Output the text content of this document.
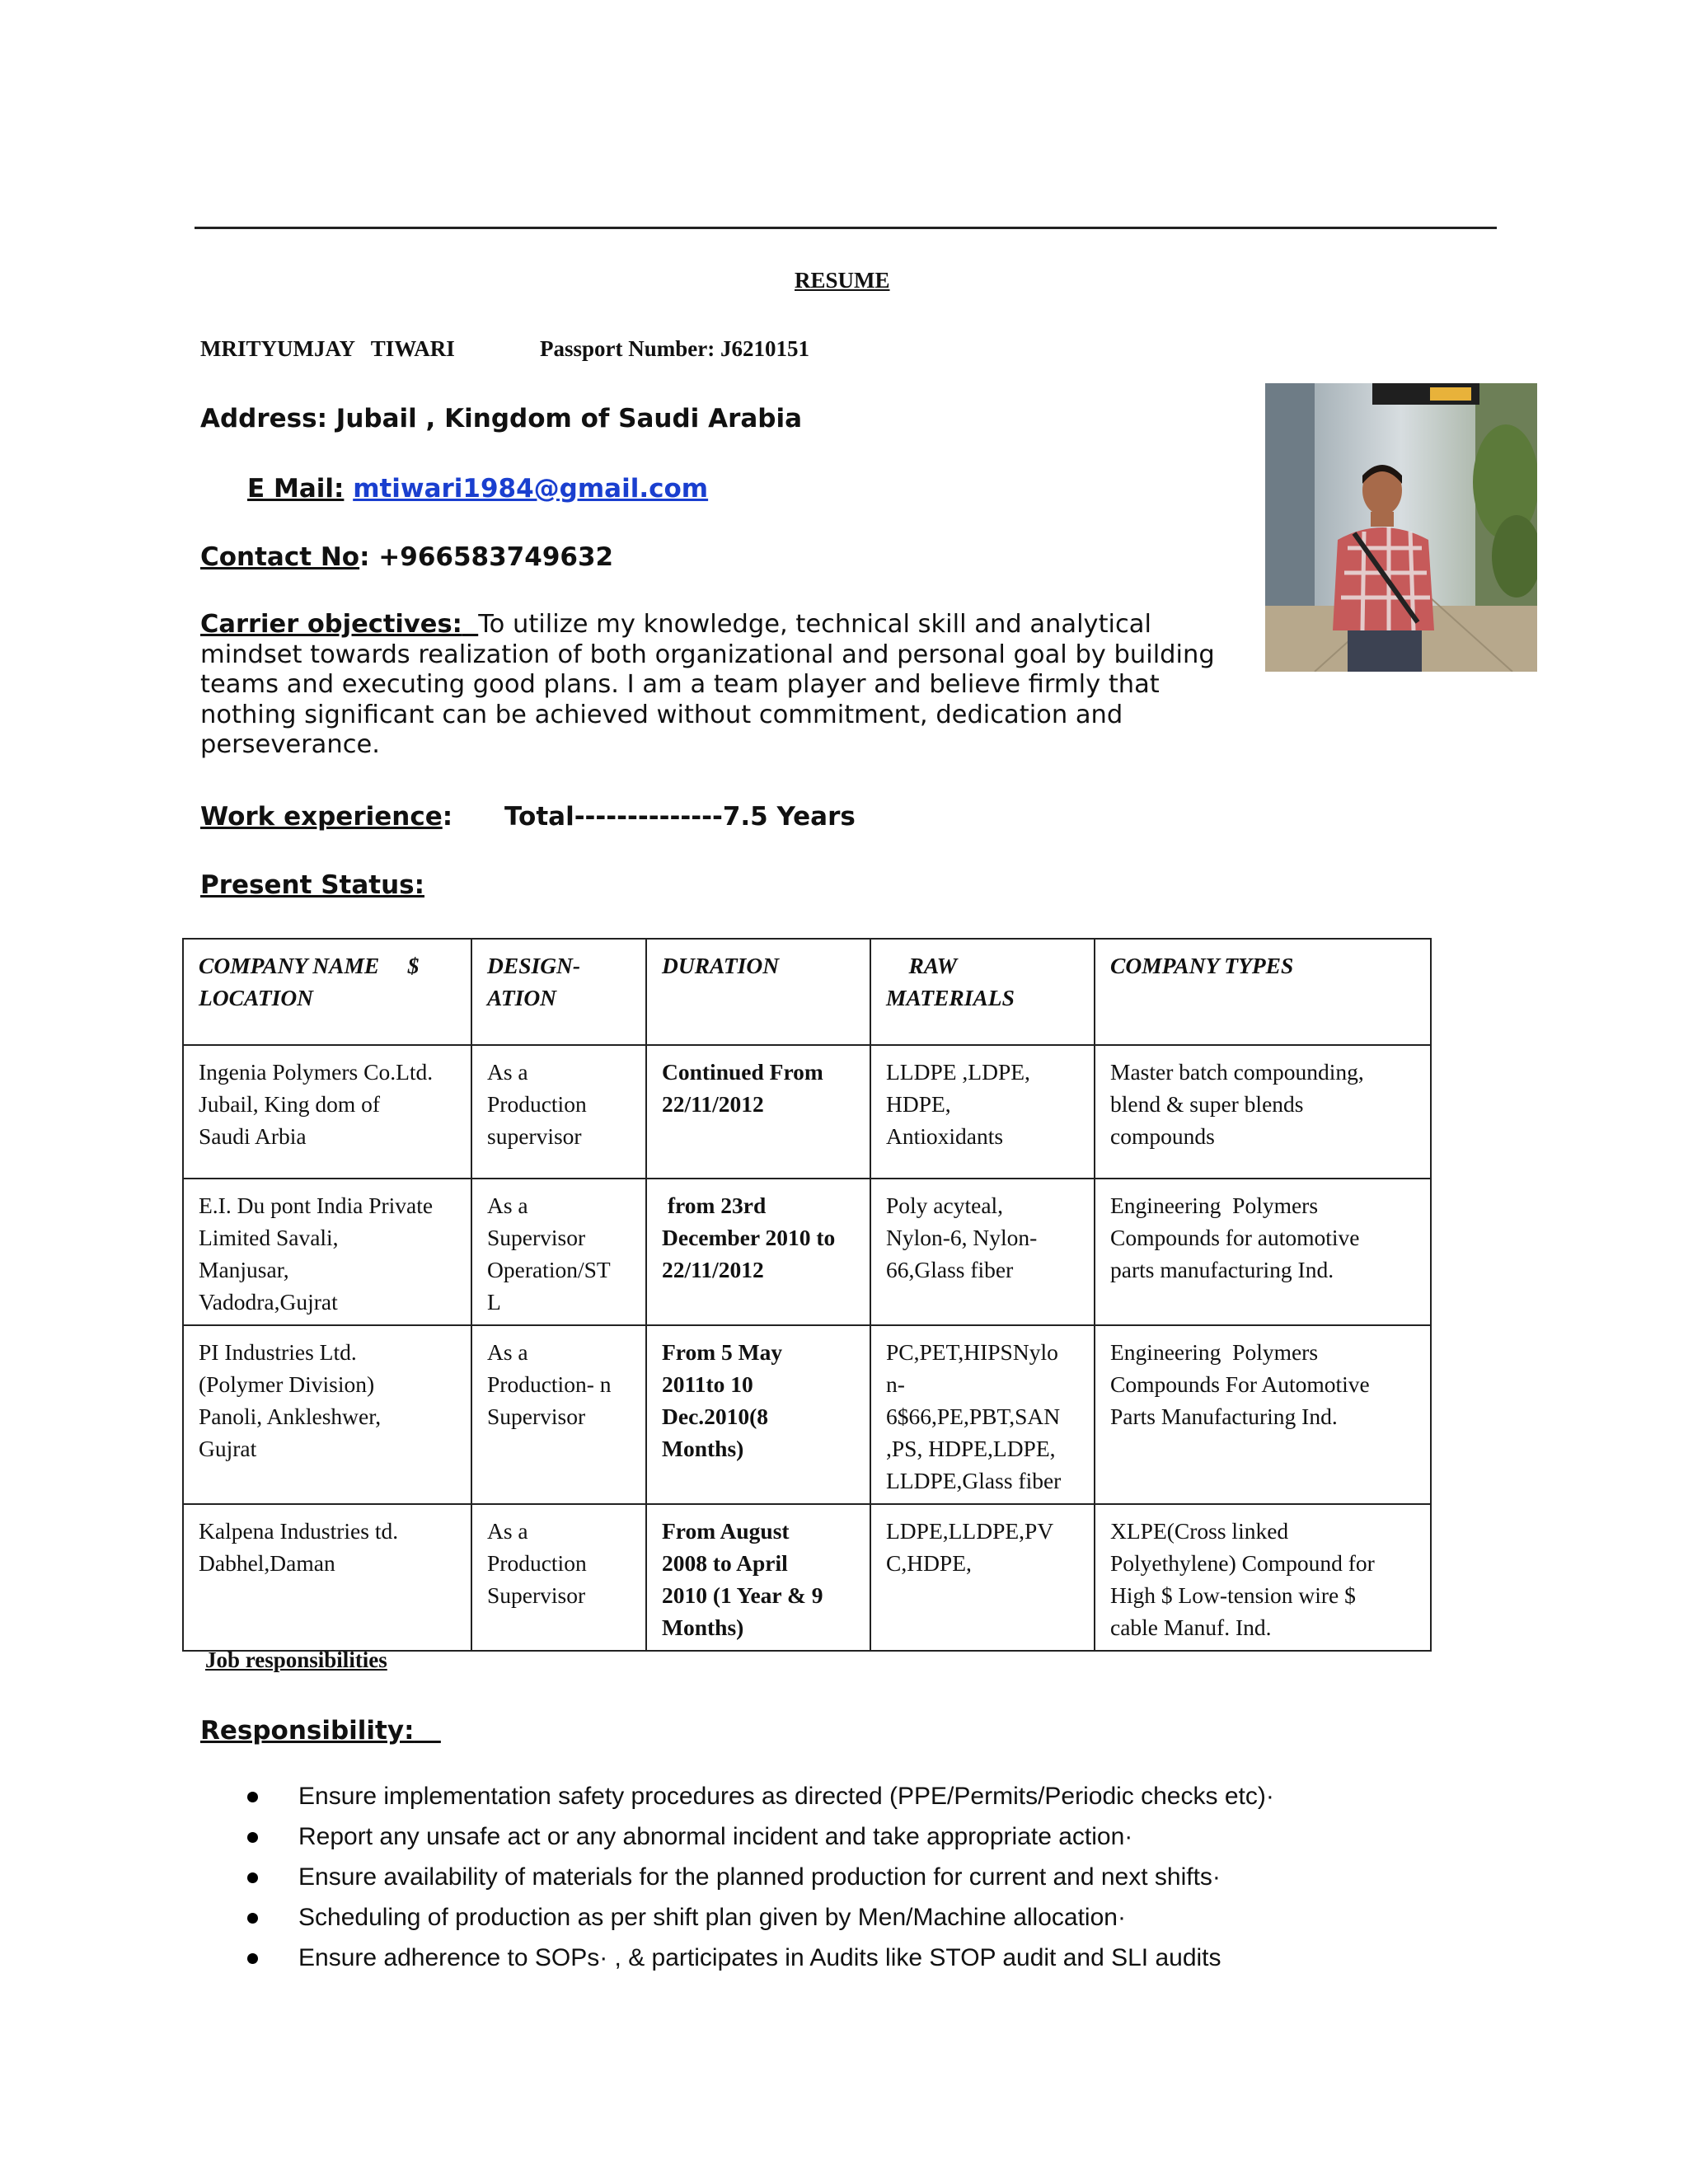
RESUME
MRITYUMJAY   TIWARI	Passport Number: J6210151
Address: Jubail , Kingdom of Saudi Arabia
E Mail: mtiwari1984@gmail.com
Contact No: +966583749632
Carrier objectives: To utilize my knowledge, technical skill and analytical mindset towards realization of both organizational and personal goal by building teams and executing good plans. I am a team player and believe firmly that nothing significant can be achieved without commitment, dedication and perseverance.
Work experience: Total--------------7.5 Years
Present Status:
COMPANY NAME     $
LOCATION	DESIGN-
ATION	DURATION	RAW
MATERIALS	COMPANY TYPES

Ingenia Polymers Co.Ltd.
Jubail, King dom of
Saudi Arbia	As a
Production
supervisor	Continued From
22/11/2012	LLDPE ,LDPE,
HDPE,
Antioxidants	Master batch compounding,
blend & super blends
compounds

E.I. Du pont India Private
Limited Savali,
Manjusar,
Vadodra,Gujrat	As a
Supervisor
Operation/ST
L	from 23rd
December 2010 to
22/11/2012	Poly acyteal,
Nylon-6, Nylon-
66,Glass fiber	Engineering  Polymers
Compounds for automotive
parts manufacturing Ind.

PI Industries Ltd.
(Polymer Division)
Panoli, Ankleshwer,
Gujrat	As a
Production- n
Supervisor	From 5 May
2011to 10
Dec.2010(8
Months)	PC,PET,HIPSNylo
n-
6$66,PE,PBT,SAN
,PS, HDPE,LDPE,
LLDPE,Glass fiber	Engineering  Polymers
Compounds For Automotive
Parts Manufacturing Ind.

Kalpena Industries td.
Dabhel,Daman	As a
Production
Supervisor	From August
2008 to April
2010 (1 Year & 9
Months)	LDPE,LLDPE,PV
C,HDPE,	XLPE(Cross linked
Polyethylene) Compound for
High $ Low-tension wire $
cable Manuf. Ind.
Job responsibilities
Responsibility:
Ensure implementation safety procedures as directed (PPE/Permits/Periodic checks etc)·
Report any unsafe act or any abnormal incident and take appropriate action·
Ensure availability of materials for the planned production for current and next shifts·
Scheduling of production as per shift plan given by Men/Machine allocation·
Ensure adherence to SOPs· , & participates in Audits like STOP audit and SLI audits
